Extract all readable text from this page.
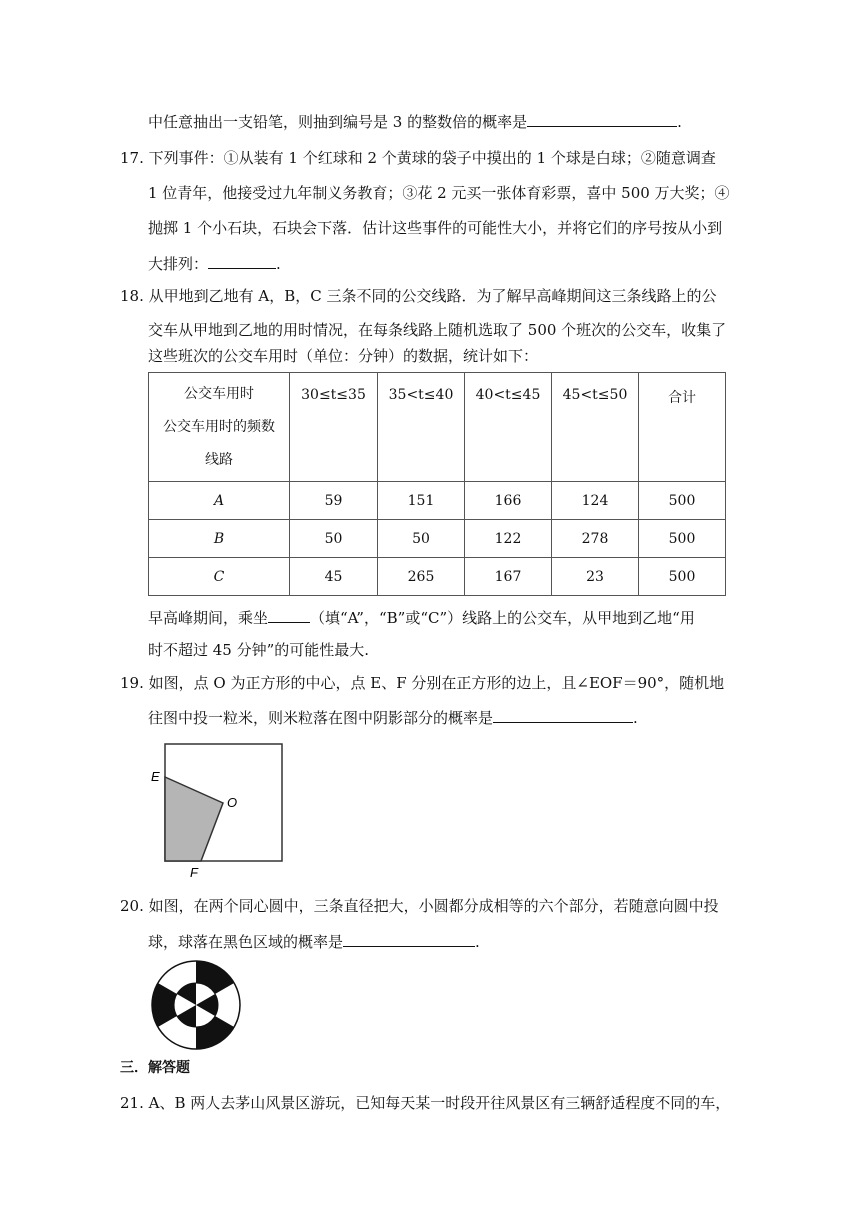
中任意抽出一支铅笔，则抽到编号是 3 的整数倍的概率是	.
17. 下列事件：①从装有 1 个红球和 2 个黄球的袋子中摸出的 1 个球是白球；②随意调查
1 位青年，他接受过九年制义务教育；③花 2 元买一张体育彩票，喜中 500 万大奖；④
抛掷 1 个小石块，石块会下落．估计这些事件的可能性大小，并将它们的序号按从小到
大排列：	.
18. 从甲地到乙地有 A，B，C 三条不同的公交线路．为了解早高峰期间这三条线路上的公
交车从甲地到乙地的用时情况，在每条线路上随机选取了 500 个班次的公交车，收集了
这些班次的公交车用时（单位：分钟）的数据，统计如下：
公交车用时
公交车用时的频数
线路	30≤t≤35	35<t≤40	40<t≤45	45<t≤50	合计
A	59	151	166	124	500
B	50	50	122	278	500
C	45	265	167	23	500
早高峰期间，乘坐	（填“A”，“B”或“C”）线路上的公交车，从甲地到乙地“用
时不超过 45 分钟”的可能性最大.
19. 如图，点 O 为正方形的中心，点 E、F 分别在正方形的边上，且∠EOF＝90°，随机地
往图中投一粒米，则米粒落在图中阴影部分的概率是	.
E
O
F
20. 如图，在两个同心圆中，三条直径把大，小圆都分成相等的六个部分，若随意向圆中投
球，球落在黑色区域的概率是	.
三．解答题
21. A、B 两人去茅山风景区游玩，已知每天某一时段开往风景区有三辆舒适程度不同的车，
